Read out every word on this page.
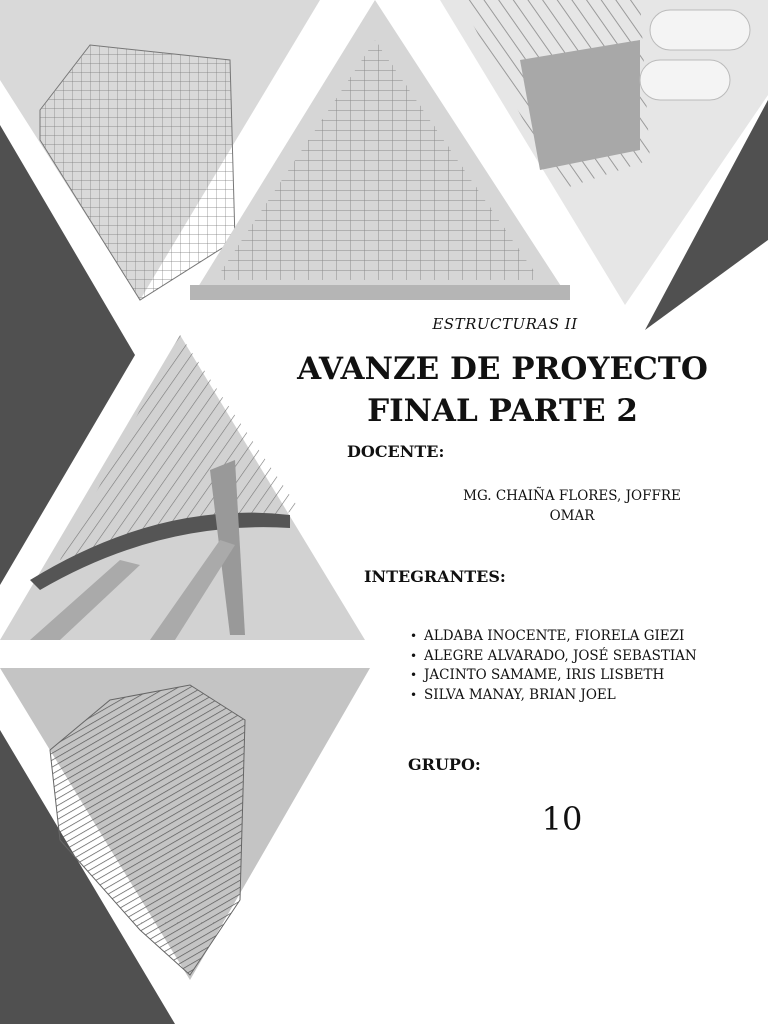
ESTRUCTURAS II

AVANZE DE PROYECTO
FINAL PARTE 2

DOCENTE:

MG. CHAIÑA FLORES, JOFFRE OMAR

INTEGRANTES:

• ALDABA INOCENTE, FIORELA GIEZI
• ALEGRE ALVARADO, JOSÉ SEBASTIAN
• JACINTO SAMAME, IRIS LISBETH
• SILVA MANAY, BRIAN JOEL

GRUPO:

10
